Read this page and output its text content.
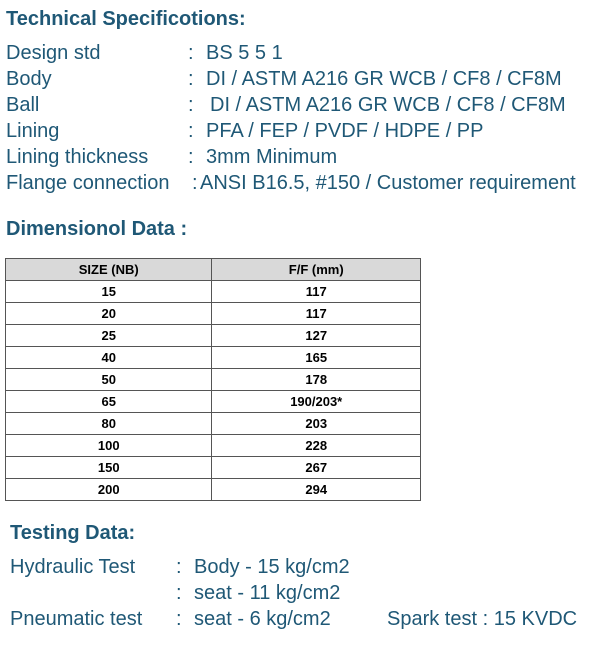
Technical Specificotions:
Design std	: BS 5 5 1
Body	: DI / ASTM A216 GR WCB / CF8 / CF8M
Ball	: DI / ASTM A216 GR WCB / CF8 / CF8M
Lining	: PFA / FEP / PVDF / HDPE / PP
Lining thickness : 3mm Minimum
Flange connection : ANSI B16.5, #150 / Customer requirement
Dimensionol Data :
SIZE (NB)	F/F (mm)
15	117
20	117
25	127
40	165
50	178
65	190/203*
80	203
100	228
150	267
200	294
Testing Data:
Hydraulic Test : Body - 15 kg/cm2
: seat - 11 kg/cm2
Pneumatic test : seat - 6 kg/cm2	Spark test : 15 KVDC
